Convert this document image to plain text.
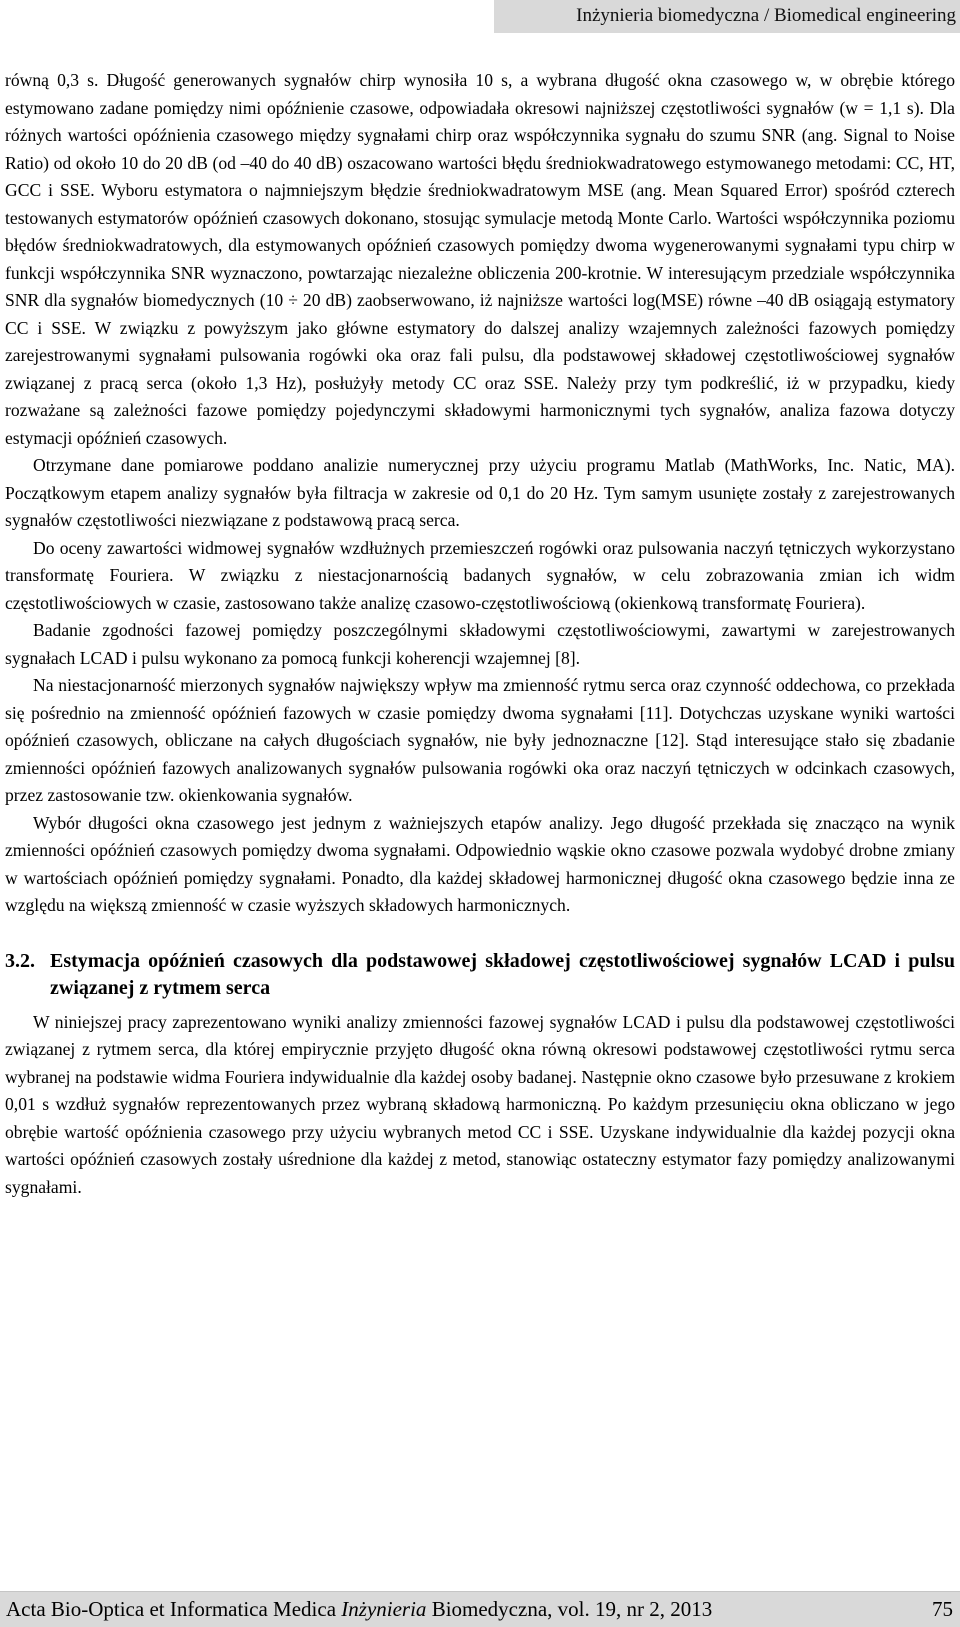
Inżynieria biomedyczna / Biomedical engineering

równą 0,3 s. Długość generowanych sygnałów chirp wynosiła 10 s, a wybrana długość okna czasowego w, w obrębie którego estymowano zadane pomiędzy nimi opóźnienie czasowe, odpowiadała okresowi najniższej częstotliwości sygnałów (w = 1,1 s). Dla różnych wartości opóźnienia czasowego między sygnałami chirp oraz współczynnika sygnału do szumu SNR (ang. Signal to Noise Ratio) od około 10 do 20 dB (od –40 do 40 dB) oszacowano wartości błędu średniokwadratowego estymowanego metodami: CC, HT, GCC i SSE. Wyboru estymatora o najmniejszym błędzie średniokwadratowym MSE (ang. Mean Squared Error) spośród czterech testowanych estymatorów opóźnień czasowych dokonano, stosując symulacje metodą Monte Carlo. Wartości współczynnika poziomu błędów średniokwadratowych, dla estymowanych opóźnień czasowych pomiędzy dwoma wygenerowanymi sygnałami typu chirp w funkcji współczynnika SNR wyznaczono, powtarzając niezależne obliczenia 200-krotnie. W interesującym przedziale współczynnika SNR dla sygnałów biomedycznych (10 ÷ 20 dB) zaobserwowano, iż najniższe wartości log(MSE) równe –40 dB osiągają estymatory CC i SSE. W związku z powyższym jako główne estymatory do dalszej analizy wzajemnych zależności fazowych pomiędzy zarejestrowanymi sygnałami pulsowania rogówki oka oraz fali pulsu, dla podstawowej składowej częstotliwościowej sygnałów związanej z pracą serca (około 1,3 Hz), posłużyły metody CC oraz SSE. Należy przy tym podkreślić, iż w przypadku, kiedy rozważane są zależności fazowe pomiędzy pojedynczymi składowymi harmonicznymi tych sygnałów, analiza fazowa dotyczy estymacji opóźnień czasowych.

Otrzymane dane pomiarowe poddano analizie numerycznej przy użyciu programu Matlab (MathWorks, Inc. Natic, MA). Początkowym etapem analizy sygnałów była filtracja w zakresie od 0,1 do 20 Hz. Tym samym usunięte zostały z zarejestrowanych sygnałów częstotliwości niezwiązane z podstawową pracą serca.

Do oceny zawartości widmowej sygnałów wzdłużnych przemieszczeń rogówki oraz pulsowania naczyń tętniczych wykorzystano transformatę Fouriera. W związku z niestacjonarnością badanych sygnałów, w celu zobrazowania zmian ich widm częstotliwościowych w czasie, zastosowano także analizę czasowo-częstotliwościową (okienkową transformatę Fouriera).

Badanie zgodności fazowej pomiędzy poszczególnymi składowymi częstotliwościowymi, zawartymi w zarejestrowanych sygnałach LCAD i pulsu wykonano za pomocą funkcji koherencji wzajemnej [8].

Na niestacjonarność mierzonych sygnałów największy wpływ ma zmienność rytmu serca oraz czynność oddechowa, co przekłada się pośrednio na zmienność opóźnień fazowych w czasie pomiędzy dwoma sygnałami [11]. Dotychczas uzyskane wyniki wartości opóźnień czasowych, obliczane na całych długościach sygnałów, nie były jednoznaczne [12]. Stąd interesujące stało się zbadanie zmienności opóźnień fazowych analizowanych sygnałów pulsowania rogówki oka oraz naczyń tętniczych w odcinkach czasowych, przez zastosowanie tzw. okienkowania sygnałów.

Wybór długości okna czasowego jest jednym z ważniejszych etapów analizy. Jego długość przekłada się znacząco na wynik zmienności opóźnień czasowych pomiędzy dwoma sygnałami. Odpowiednio wąskie okno czasowe pozwala wydobyć drobne zmiany w wartościach opóźnień pomiędzy sygnałami. Ponadto, dla każdej składowej harmonicznej długość okna czasowego będzie inna ze względu na większą zmienność w czasie wyższych składowych harmonicznych.

3.2. Estymacja opóźnień czasowych dla podstawowej składowej częstotliwościowej sygnałów LCAD i pulsu związanej z rytmem serca

W niniejszej pracy zaprezentowano wyniki analizy zmienności fazowej sygnałów LCAD i pulsu dla podstawowej częstotliwości związanej z rytmem serca, dla której empirycznie przyjęto długość okna równą okresowi podstawowej częstotliwości rytmu serca wybranej na podstawie widma Fouriera indywidualnie dla każdej osoby badanej. Następnie okno czasowe było przesuwane z krokiem 0,01 s wzdłuż sygnałów reprezentowanych przez wybraną składową harmoniczną. Po każdym przesunięciu okna obliczano w jego obrębie wartość opóźnienia czasowego przy użyciu wybranych metod CC i SSE. Uzyskane indywidualnie dla każdej pozycji okna wartości opóźnień czasowych zostały uśrednione dla każdej z metod, stanowiąc ostateczny estymator fazy pomiędzy analizowanymi sygnałami.

Acta Bio-Optica et Informatica Medica Inżynieria Biomedyczna, vol. 19, nr 2, 2013	75
